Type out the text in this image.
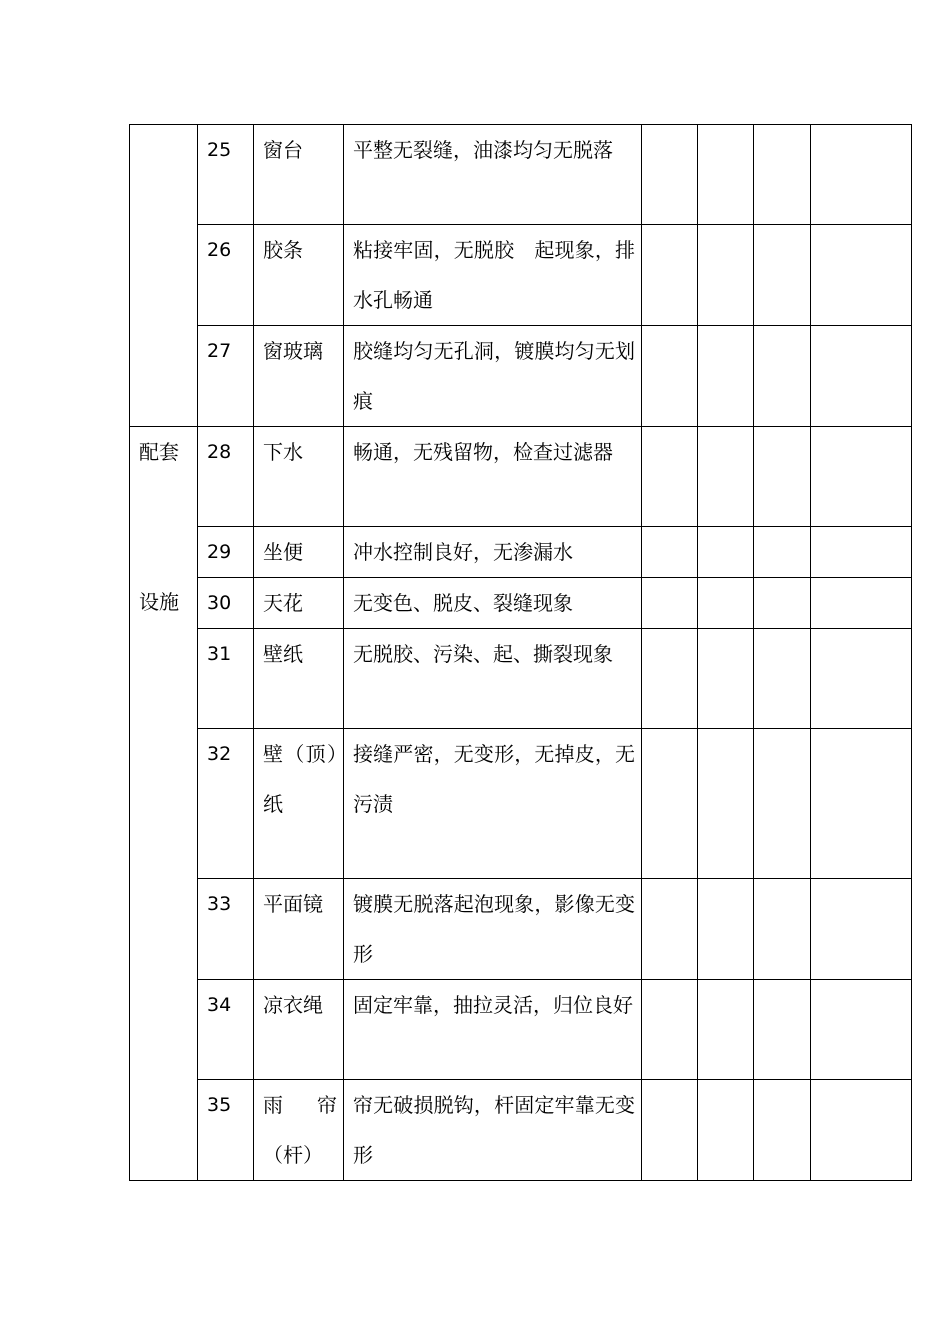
	25	窗台	平整无裂缝，油漆均匀无脱落				

	26	胶条	粘接牢固，无脱胶　起现象，排水孔畅通				

	27	窗玻璃	胶缝均匀无孔洞，镀膜均匀无划痕				

配套
设施	28	下水	畅通，无残留物，检查过滤器				

	29	坐便	冲水控制良好，无渗漏水				

	30	天花	无变色、脱皮、裂缝现象				

	31	壁纸	无脱胶、污染、起、撕裂现象				

	32	壁（顶）纸	接缝严密，无变形，无掉皮，无污渍				

	33	平面镜	镀膜无脱落起泡现象，影像无变形				

	34	凉衣绳	固定牢靠，抽拉灵活，归位良好				

	35	雨　帘（杆）	帘无破损脱钩，杆固定牢靠无变形				
